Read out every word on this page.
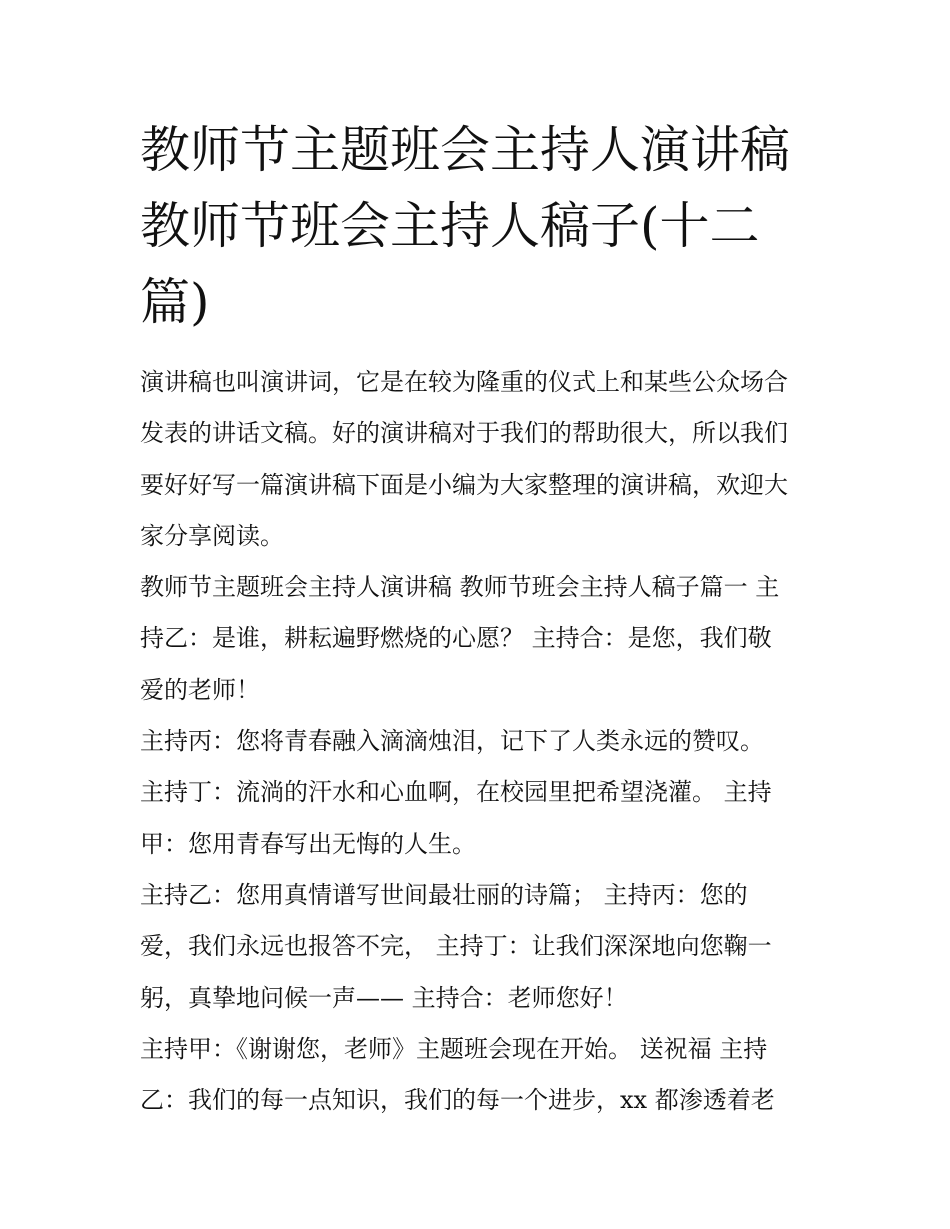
教师节主题班会主持人演讲稿
教师节班会主持人稿子(十二
篇)
演讲稿也叫演讲词，它是在较为隆重的仪式上和某些公众场合
发表的讲话文稿。好的演讲稿对于我们的帮助很大，所以我们
要好好写一篇演讲稿下面是小编为大家整理的演讲稿，欢迎大
家分享阅读。
教师节主题班会主持人演讲稿 教师节班会主持人稿子篇一 主
持乙：是谁，耕耘遍野燃烧的心愿？ 主持合：是您，我们敬
爱的老师！
主持丙：您将青春融入滴滴烛泪，记下了人类永远的赞叹。
主持丁：流淌的汗水和心血啊，在校园里把希望浇灌。 主持
甲：您用青春写出无悔的人生。
主持乙：您用真情谱写世间最壮丽的诗篇； 主持丙：您的
爱，我们永远也报答不完， 主持丁：让我们深深地向您鞠一
躬，真挚地问候一声—— 主持合：老师您好！
主持甲：《谢谢您，老师》主题班会现在开始。 送祝福 主持
乙：我们的每一点知识，我们的每一个进步，xx 都渗透着老
